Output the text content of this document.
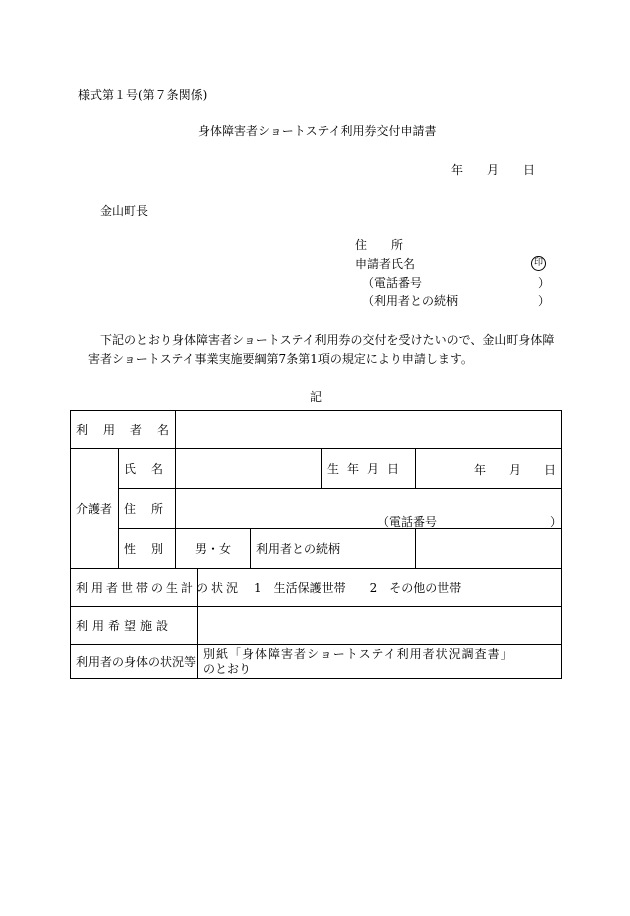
様式第１号(第７条関係)
身体障害者ショートステイ利用券交付申請書
年 月 日
金山町長
住　　所
申請者氏名	印
（電話番号	）
（利用者との続柄	）
下記のとおり身体障害者ショートステイ利用券の交付を受けたいので、金山町身体障
害者ショートステイ事業実施要綱第7条第1項の規定により申請します。
記
利用者名						
介護者	氏名				生年月日	年 月 日

	住所	（電話番号 ）				

	性別	男・女		利用者との続柄		
利用者世帯の生計の状況			1　生活保護世帯　　2　その他の世帯			
利用希望施設						
利用者の身体の状況等			別紙「身体障害者ショートステイ利用者状況調査書」
のとおり			
